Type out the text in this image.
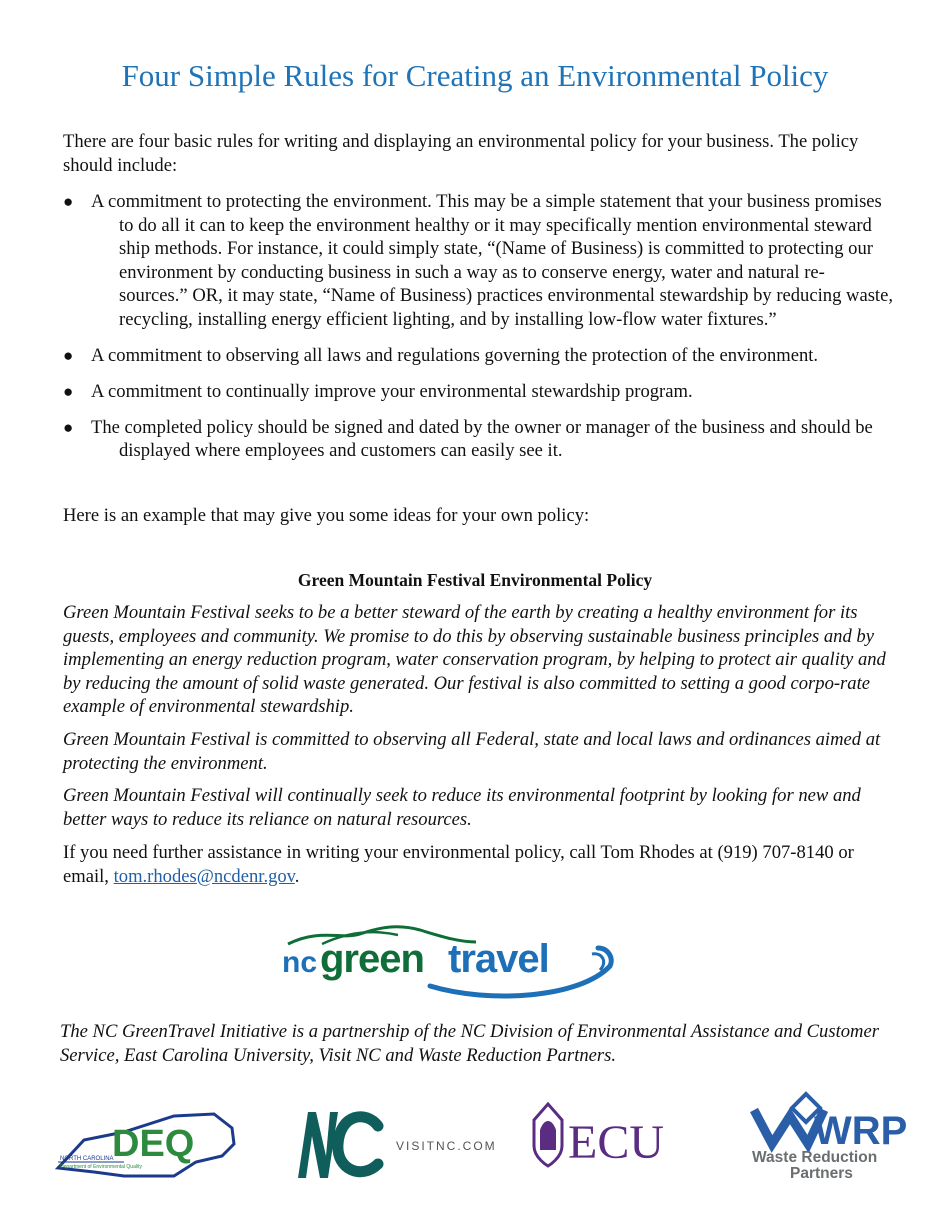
Four Simple Rules for Creating an Environmental Policy
There are four basic rules for writing and displaying an environmental policy for your business. The policy should include:
● A commitment to protecting the environment. This may be a simple statement that your business promises to do all it can to keep the environment healthy or it may specifically mention environmental steward ship methods. For instance, it could simply state, “(Name of Business) is committed to protecting our environment by conducting business in such a way as to conserve energy, water and natural re-sources.” OR, it may state, “Name of Business) practices environmental stewardship by reducing waste, recycling, installing energy efficient lighting, and by installing low-flow water fixtures.”
● A commitment to observing all laws and regulations governing the protection of the environment.
● A commitment to continually improve your environmental stewardship program.
● The completed policy should be signed and dated by the owner or manager of the business and should be displayed where employees and customers can easily see it.
Here is an example that may give you some ideas for your own policy:
Green Mountain Festival Environmental Policy
Green Mountain Festival seeks to be a better steward of the earth by creating a healthy environment for its guests, employees and community. We promise to do this by observing sustainable business principles and by implementing an energy reduction program, water conservation program, by helping to protect air quality and by reducing the amount of solid waste generated. Our festival is also committed to setting a good corpo-rate example of environmental stewardship.
Green Mountain Festival is committed to observing all Federal, state and local laws and ordinances aimed at protecting the environment.
Green Mountain Festival will continually seek to reduce its environmental footprint by looking for new and better ways to reduce its reliance on natural resources.
If you need further assistance in writing your environmental policy, call Tom Rhodes at (919) 707-8140 or email, tom.rhodes@ncdenr.gov.
nc green travel
The NC GreenTravel Initiative is a partnership of the NC Division of Environmental Assistance and Customer Service, East Carolina University, Visit NC and Waste Reduction Partners.
DEQ
NORTH CAROLINA
Department of Environmental Quality
VISITNC.COM ECU	WRP
Waste Reduction
Partners
